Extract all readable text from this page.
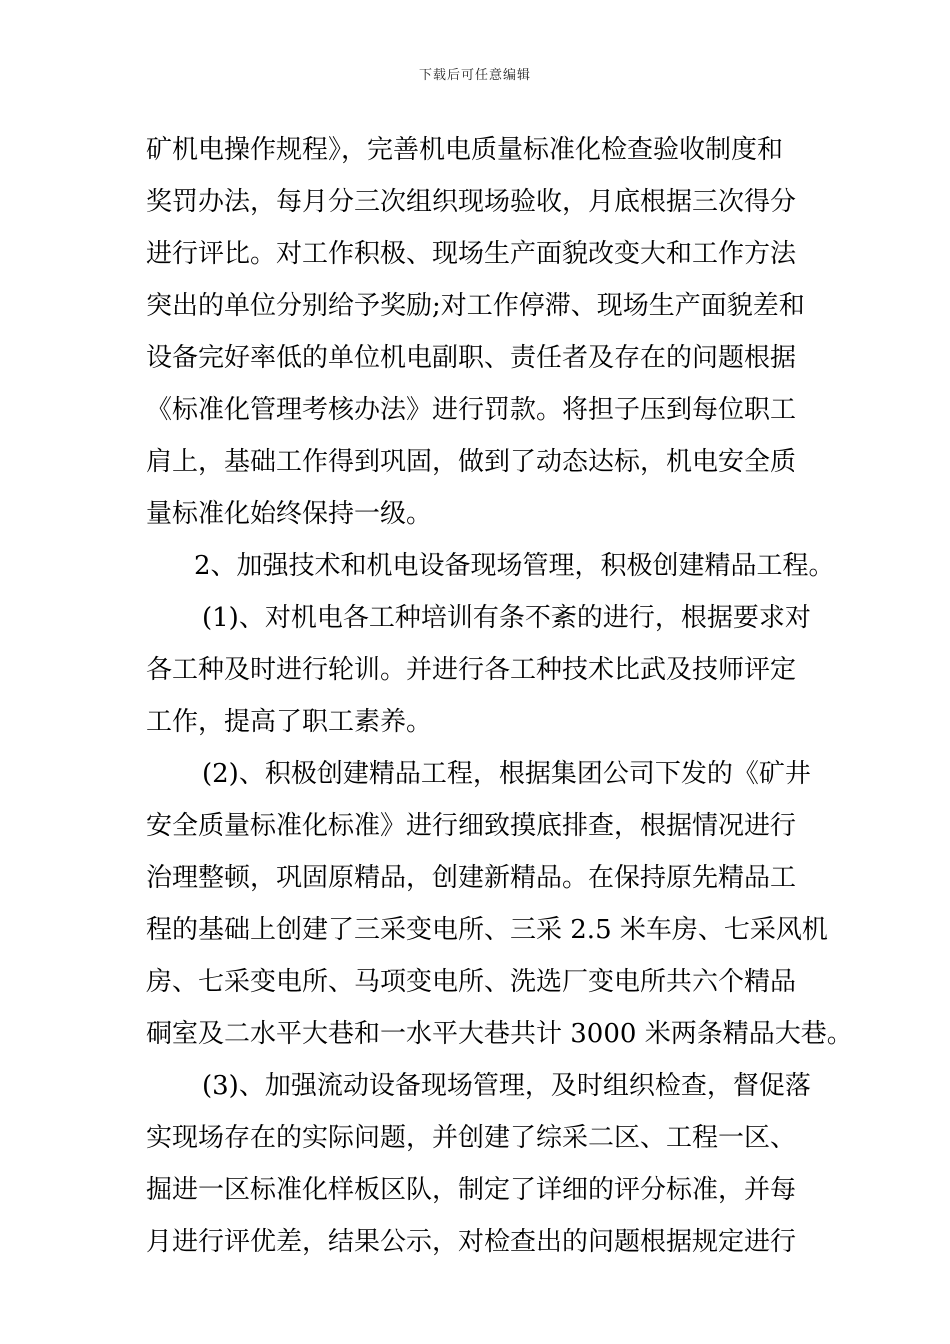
下载后可任意编辑
矿机电操作规程》，完善机电质量标准化检查验收制度和
奖罚办法，每月分三次组织现场验收，月底根据三次得分
进行评比。对工作积极、现场生产面貌改变大和工作方法
突出的单位分别给予奖励;对工作停滞、现场生产面貌差和
设备完好率低的单位机电副职、责任者及存在的问题根据
《标准化管理考核办法》进行罚款。将担子压到每位职工
肩上，基础工作得到巩固，做到了动态达标，机电安全质
量标准化始终保持一级。
2、加强技术和机电设备现场管理，积极创建精品工程。
(1)、对机电各工种培训有条不紊的进行，根据要求对
各工种及时进行轮训。并进行各工种技术比武及技师评定
工作，提高了职工素养。
(2)、积极创建精品工程，根据集团公司下发的《矿井
安全质量标准化标准》进行细致摸底排查，根据情况进行
治理整顿，巩固原精品，创建新精品。在保持原先精品工
程的基础上创建了三采变电所、三采 2.5 米车房、七采风机
房、七采变电所、马项变电所、洗选厂变电所共六个精品
硐室及二水平大巷和一水平大巷共计 3000 米两条精品大巷。
(3)、加强流动设备现场管理，及时组织检查，督促落
实现场存在的实际问题，并创建了综采二区、工程一区、
掘进一区标准化样板区队，制定了详细的评分标准，并每
月进行评优差，结果公示，对检查出的问题根据规定进行
